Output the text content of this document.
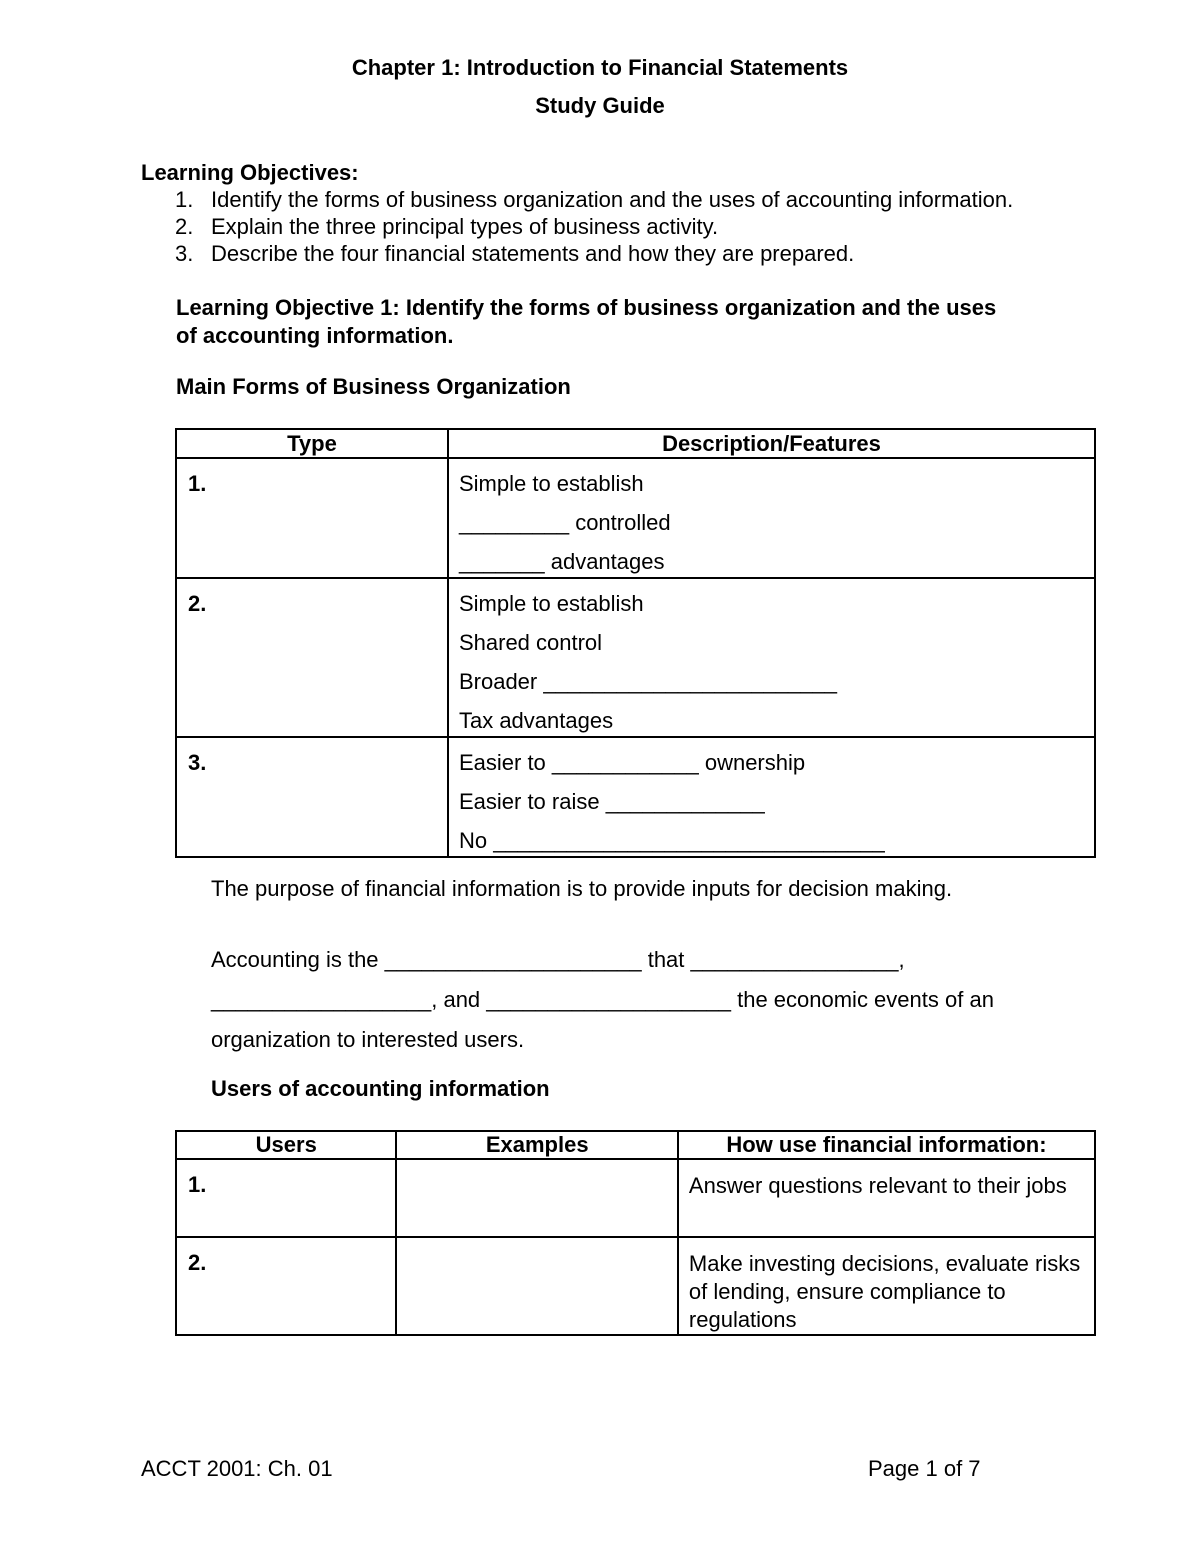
Chapter 1: Introduction to Financial Statements
Study Guide
Learning Objectives:
1. Identify the forms of business organization and the uses of accounting information.
2. Explain the three principal types of business activity.
3. Describe the four financial statements and how they are prepared.
Learning Objective 1: Identify the forms of business organization and the uses
of accounting information.
Main Forms of Business Organization
Type	Description/Features
1.	Simple to establish
_________ controlled
_______ advantages

2.	Simple to establish
Shared control
Broader ________________________
Tax advantages

3.	Easier to ____________ ownership
Easier to raise _____________
No ________________________________
The purpose of financial information is to provide inputs for decision making.

Accounting is the _____________________ that _________________,

__________________, and ____________________ the economic events of an

organization to interested users.

Users of accounting information
Users	Examples	How use financial information:
1.		Answer questions relevant to their jobs
2.		Make investing decisions, evaluate risks of lending, ensure compliance to regulations
ACCT 2001: Ch. 01	Page 1 of 7
